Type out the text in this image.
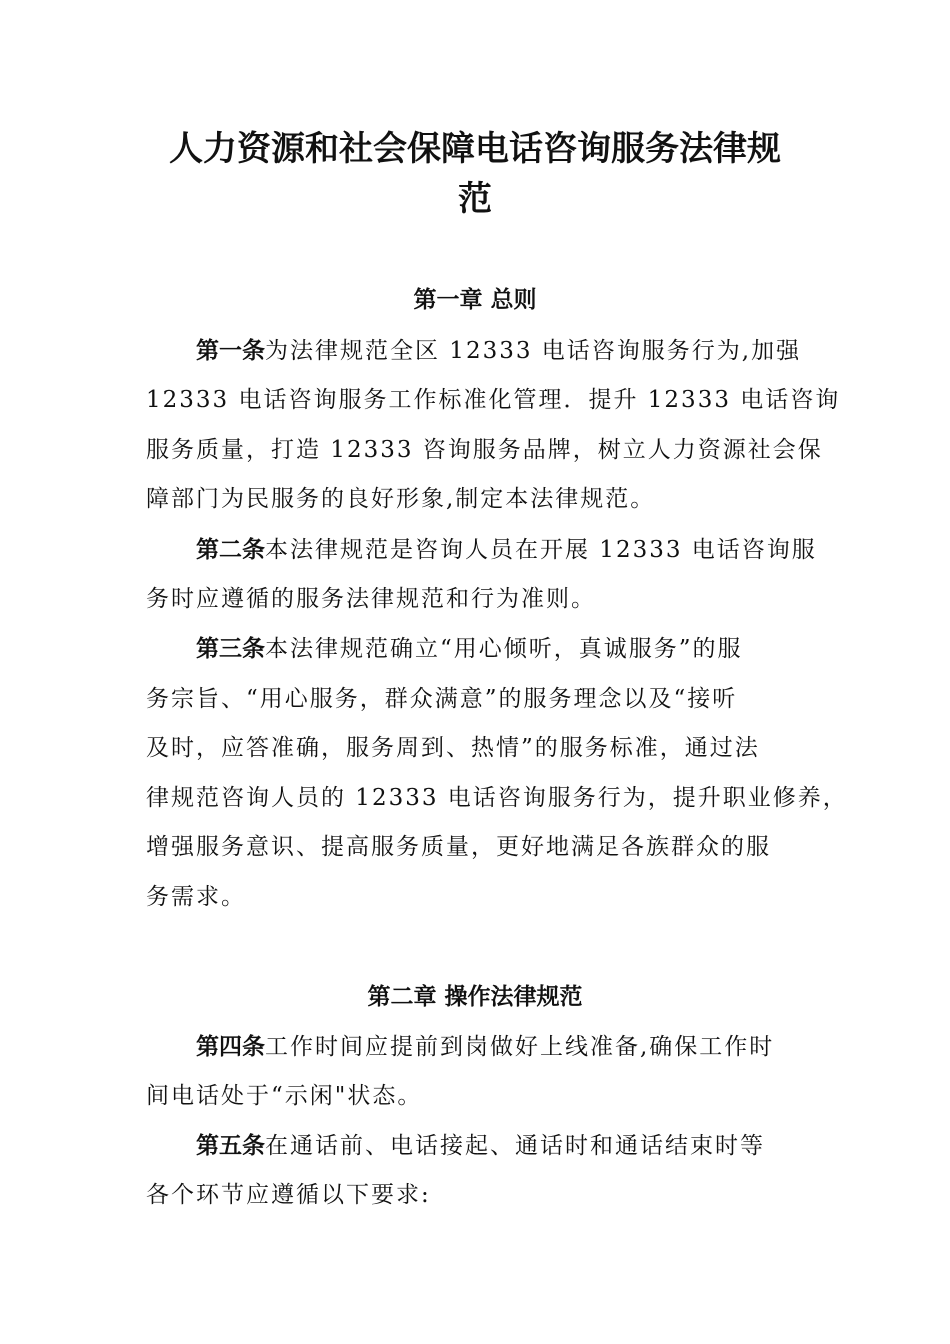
人力资源和社会保障电话咨询服务法律规
范
第一章 总则

第一条为法律规范全区 12333 电话咨询服务行为,加强

12333 电话咨询服务工作标准化管理．提升 12333 电话咨询

服务质量，打造 12333 咨询服务品牌，树立人力资源社会保

障部门为民服务的良好形象,制定本法律规范。

第二条本法律规范是咨询人员在开展 12333 电话咨询服

务时应遵循的服务法律规范和行为准则。

第三条本法律规范确立“用心倾听，真诚服务”的服

务宗旨、“用心服务，群众满意”的服务理念以及“接听

及时，应答准确，服务周到、热情”的服务标准，通过法

律规范咨询人员的 12333 电话咨询服务行为，提升职业修养，

增强服务意识、提高服务质量，更好地满足各族群众的服

务需求。

第二章 操作法律规范

第四条工作时间应提前到岗做好上线准备,确保工作时

间电话处于“示闲"状态。

第五条在通话前、电话接起、通话时和通话结束时等

各个环节应遵循以下要求:
